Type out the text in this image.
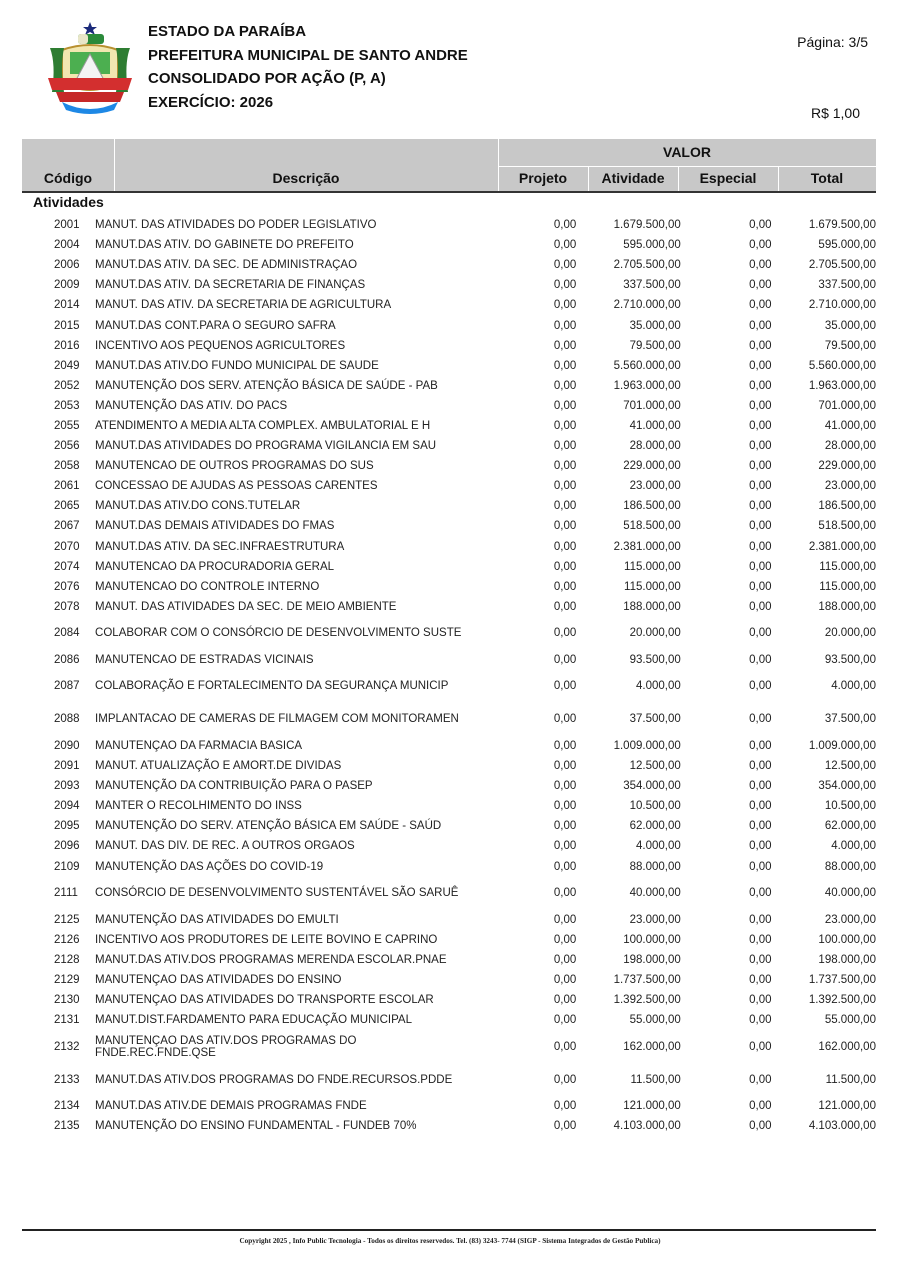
ESTADO DA PARAÍBA
PREFEITURA MUNICIPAL DE SANTO ANDRE
CONSOLIDADO POR AÇÃO (P, A)
EXERCÍCIO: 2026
Página: 3/5
R$ 1,00
VALOR
Código	Descrição	Projeto	Atividade	Especial	Total
Atividades
2001	MANUT. DAS ATIVIDADES DO PODER LEGISLATIVO	0,00	1.679.500,00	0,00	1.679.500,00
2004	MANUT.DAS ATIV. DO GABINETE DO PREFEITO	0,00	595.000,00	0,00	595.000,00
2006	MANUT.DAS ATIV. DA SEC. DE ADMINISTRAÇAO	0,00	2.705.500,00	0,00	2.705.500,00
2009	MANUT.DAS ATIV. DA SECRETARIA DE FINANÇAS	0,00	337.500,00	0,00	337.500,00
2014	MANUT. DAS ATIV. DA SECRETARIA DE AGRICULTURA	0,00	2.710.000,00	0,00	2.710.000,00
2015	MANUT.DAS CONT.PARA O SEGURO SAFRA	0,00	35.000,00	0,00	35.000,00
2016	INCENTIVO AOS PEQUENOS AGRICULTORES	0,00	79.500,00	0,00	79.500,00
2049	MANUT.DAS ATIV.DO FUNDO MUNICIPAL DE SAUDE	0,00	5.560.000,00	0,00	5.560.000,00
2052	MANUTENÇÃO DOS SERV. ATENÇÃO BÁSICA DE SAÚDE - PAB	0,00	1.963.000,00	0,00	1.963.000,00
2053	MANUTENÇÃO DAS ATIV. DO PACS	0,00	701.000,00	0,00	701.000,00
2055	ATENDIMENTO A MEDIA ALTA COMPLEX. AMBULATORIAL E H	0,00	41.000,00	0,00	41.000,00
2056	MANUT.DAS ATIVIDADES DO PROGRAMA VIGILANCIA EM SAU	0,00	28.000,00	0,00	28.000,00
2058	MANUTENCAO DE OUTROS PROGRAMAS DO SUS	0,00	229.000,00	0,00	229.000,00
2061	CONCESSAO DE AJUDAS AS PESSOAS CARENTES	0,00	23.000,00	0,00	23.000,00
2065	MANUT.DAS ATIV.DO CONS.TUTELAR	0,00	186.500,00	0,00	186.500,00
2067	MANUT.DAS DEMAIS ATIVIDADES DO FMAS	0,00	518.500,00	0,00	518.500,00
2070	MANUT.DAS ATIV. DA SEC.INFRAESTRUTURA	0,00	2.381.000,00	0,00	2.381.000,00
2074	MANUTENCAO DA PROCURADORIA GERAL	0,00	115.000,00	0,00	115.000,00
2076	MANUTENCAO DO CONTROLE INTERNO	0,00	115.000,00	0,00	115.000,00
2078	MANUT. DAS ATIVIDADES DA SEC. DE MEIO AMBIENTE	0,00	188.000,00	0,00	188.000,00
2084	COLABORAR COM O CONSÓRCIO DE DESENVOLVIMENTO SUSTE	0,00	20.000,00	0,00	20.000,00
2086	MANUTENCAO DE ESTRADAS VICINAIS	0,00	93.500,00	0,00	93.500,00
2087	COLABORAÇÃO E FORTALECIMENTO DA SEGURANÇA MUNICIP	0,00	4.000,00	0,00	4.000,00
2088	IMPLANTACAO DE CAMERAS DE FILMAGEM COM MONITORAMEN	0,00	37.500,00	0,00	37.500,00
2090	MANUTENÇAO DA FARMACIA BASICA	0,00	1.009.000,00	0,00	1.009.000,00
2091	MANUT. ATUALIZAÇÃO E AMORT.DE DIVIDAS	0,00	12.500,00	0,00	12.500,00
2093	MANUTENÇÃO DA CONTRIBUIÇÃO PARA O PASEP	0,00	354.000,00	0,00	354.000,00
2094	MANTER O RECOLHIMENTO DO INSS	0,00	10.500,00	0,00	10.500,00
2095	MANUTENÇÃO DO SERV. ATENÇÃO BÁSICA EM SAÚDE - SAÚD	0,00	62.000,00	0,00	62.000,00
2096	MANUT. DAS DIV. DE REC. A OUTROS ORGAOS	0,00	4.000,00	0,00	4.000,00
2109	MANUTENÇÃO DAS AÇÕES DO COVID-19	0,00	88.000,00	0,00	88.000,00
2111	CONSÓRCIO DE DESENVOLVIMENTO SUSTENTÁVEL SÃO SARUÊ	0,00	40.000,00	0,00	40.000,00
2125	MANUTENÇÃO DAS ATIVIDADES DO EMULTI	0,00	23.000,00	0,00	23.000,00
2126	INCENTIVO AOS PRODUTORES DE LEITE BOVINO E CAPRINO	0,00	100.000,00	0,00	100.000,00
2128	MANUT.DAS ATIV.DOS PROGRAMAS MERENDA ESCOLAR.PNAE	0,00	198.000,00	0,00	198.000,00
2129	MANUTENÇAO DAS ATIVIDADES DO ENSINO	0,00	1.737.500,00	0,00	1.737.500,00
2130	MANUTENÇAO DAS ATIVIDADES DO TRANSPORTE ESCOLAR	0,00	1.392.500,00	0,00	1.392.500,00
2131	MANUT.DIST.FARDAMENTO PARA EDUCAÇÃO MUNICIPAL	0,00	55.000,00	0,00	55.000,00
2132	MANUTENÇAO DAS ATIV.DOS PROGRAMAS DO FNDE.REC.FNDE.QSE	0,00	162.000,00	0,00	162.000,00
2133	MANUT.DAS ATIV.DOS PROGRAMAS DO FNDE.RECURSOS.PDDE	0,00	11.500,00	0,00	11.500,00
2134	MANUT.DAS ATIV.DE DEMAIS PROGRAMAS FNDE	0,00	121.000,00	0,00	121.000,00
2135	MANUTENÇÃO DO ENSINO FUNDAMENTAL - FUNDEB 70%	0,00	4.103.000,00	0,00	4.103.000,00
Copyright 2025 , Info Public Tecnologia - Todos os direitos reservedos. Tel. (83) 3243- 7744 (SIGP - Sistema Integrados de Gestão Publica)
